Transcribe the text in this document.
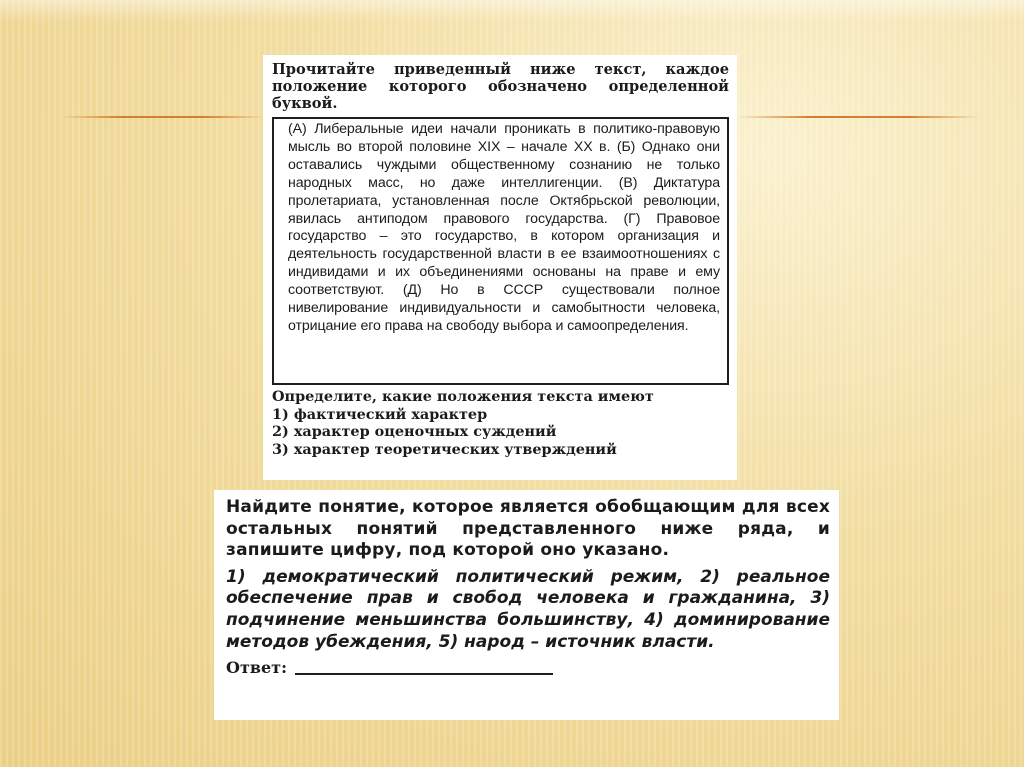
Прочитайте приведенный ниже текст, каждое положение которого обозначено определенной буквой.

(А) Либеральные идеи начали проникать в политико-правовую мысль во второй половине XIX – начале XX в. (Б) Однако они оставались чуждыми общественному сознанию не только народных масс, но даже интеллигенции. (В) Диктатура пролетариата, установленная после Октябрьской революции, явилась антиподом правового государства. (Г) Правовое государство – это государство, в котором организация и деятельность государственной власти в ее взаимоотношениях с индивидами и их объединениями основаны на праве и ему соответствуют. (Д) Но в СССР существовали полное нивелирование индивидуальности и самобытности человека, отрицание его права на свободу выбора и самоопределения.

Определите, какие положения текста имеют

1) фактический характер

2) характер оценочных суждений

3) характер теоретических утверждений

Найдите понятие, которое является обобщающим для всех остальных понятий представленного ниже ряда, и запишите цифру, под которой оно указано.

1) демократический политический режим, 2) реальное обеспечение прав и свобод человека и гражданина, 3) подчинение меньшинства большинству, 4) доминирование методов убеждения, 5) народ – источник власти.

Ответ:
